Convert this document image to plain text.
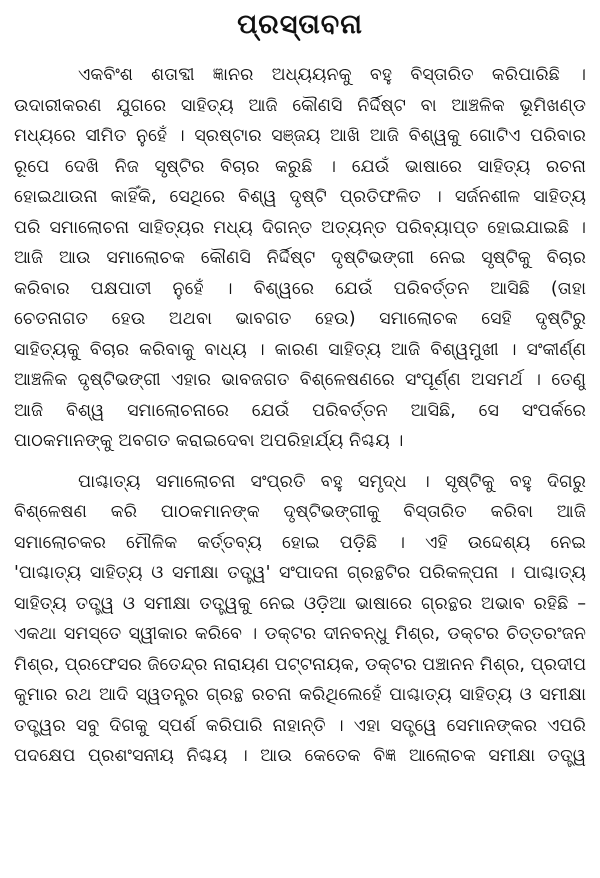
ପ୍ରସ୍ତାବନା
ଏକବିଂଶ ଶତାବ୍ଦୀ ଜ୍ଞାନର ଅଧ୍ୟୟନକୁ ବହୁ ବିସ୍ତାରିତ କରିପାରିଛି ।
ଉଦାରୀକରଣ ଯୁଗରେ ସାହିତ୍ୟ ଆଜି କୌଣସି ନିର୍ଦ୍ଦିଷ୍ଟ ବା ଆଞ୍ଚଳିକ ଭୂମିଖଣ୍ଡ
ମଧ୍ୟରେ ସୀମିତ ନୁହେଁ । ସ୍ରଷ୍ଟାର ସଞ୍ଜୟ ଆଖି ଆଜି ବିଶ୍ୱକୁ ଗୋଟିଏ ପରିବାର
ରୂପେ ଦେଖି ନିଜ ସୃଷ୍ଟିର ବିଚାର କରୁଛି । ଯେଉଁ ଭାଷାରେ ସାହିତ୍ୟ ରଚନା
ହୋଇଥାଉନା କାହିଁକି, ସେଥିରେ ବିଶ୍ୱ ଦୃଷ୍ଟି ପ୍ରତିଫଳିତ । ସର୍ଜନଶୀଳ ସାହିତ୍ୟ
ପରି ସମାଲୋଚନା ସାହିତ୍ୟର ମଧ୍ୟ ଦିଗନ୍ତ ଅତ୍ୟନ୍ତ ପରିବ୍ୟାପ୍ତ ହୋଇଯାଇଛି ।
ଆଜି ଆଉ ସମାଲୋଚକ କୌଣସି ନିର୍ଦ୍ଦିଷ୍ଟ ଦୃଷ୍ଟିଭଙ୍ଗୀ ନେଇ ସୃଷ୍ଟିକୁ ବିଚାର
କରିବାର ପକ୍ଷପାତୀ ନୁହେଁ । ବିଶ୍ୱରେ ଯେଉଁ ପରିବର୍ତ୍ତନ ଆସିଛି (ତାହା
ଚେତନାଗତ ହେଉ ଅଥବା ଭାବଗତ ହେଉ) ସମାଲୋଚକ ସେହି ଦୃଷ୍ଟିରୁ
ସାହିତ୍ୟକୁ ବିଚାର କରିବାକୁ ବାଧ୍ୟ । କାରଣ ସାହିତ୍ୟ ଆଜି ବିଶ୍ୱମୁଖୀ । ସଂକୀର୍ଣ୍ଣ
ଆଞ୍ଚଳିକ ଦୃଷ୍ଟିଭଙ୍ଗୀ ଏହାର ଭାବଜଗତ ବିଶ୍ଳେଷଣରେ ସଂପୂର୍ଣ୍ଣ ଅସମର୍ଥ । ତେଣୁ
ଆଜି ବିଶ୍ୱ ସମାଲୋଚନାରେ ଯେଉଁ ପରିବର୍ତ୍ତନ ଆସିଛି, ସେ ସଂପର୍କରେ
ପାଠକମାନଙ୍କୁ ଅବଗତ କରାଇଦେବା ଅପରିହାର୍ଯ୍ୟ ନିଶ୍ଚୟ ।
ପାଶ୍ଚାତ୍ୟ ସମାଲୋଚନା ସଂପ୍ରତି ବହୁ ସମୃଦ୍ଧ । ସୃଷ୍ଟିକୁ ବହୁ ଦିଗରୁ
ବିଶ୍ଳେଷଣ କରି ପାଠକମାନଙ୍କ ଦୃଷ୍ଟିଭଙ୍ଗୀକୁ ବିସ୍ତାରିତ କରିବା ଆଜି
ସମାଲୋଚକର ମୌଳିକ କର୍ତ୍ତବ୍ୟ ହୋଇ ପଡ଼ିଛି । ଏହି ଉଦ୍ଦେଶ୍ୟ ନେଇ
'ପାଶ୍ଚାତ୍ୟ ସାହିତ୍ୟ ଓ ସମୀକ୍ଷା ତତ୍ତ୍ୱ' ସଂପାଦନା ଗ୍ରନ୍ଥଟିର ପରିକଳ୍ପନା । ପାଶ୍ଚାତ୍ୟ
ସାହିତ୍ୟ ତତ୍ତ୍ୱ ଓ ସମୀକ୍ଷା ତତ୍ତ୍ୱକୁ ନେଇ ଓଡ଼ିଆ ଭାଷାରେ ଗ୍ରନ୍ଥର ଅଭାବ ରହିଛି –
ଏକଥା ସମସ୍ତେ ସ୍ୱୀକାର କରିବେ । ଡକ୍ଟର ଦୀନବନ୍ଧୁ ମିଶ୍ର, ଡକ୍ଟର ଚିତ୍ତରଂଜନ
ମିଶ୍ର, ପ୍ରଫେସର ଜିତେନ୍ଦ୍ର ନାରାୟଣ ପଟ୍ଟନାୟକ, ଡକ୍ଟର ପଞ୍ଚାନନ ମିଶ୍ର, ପ୍ରଦୀପ
କୁମାର ରଥ ଆଦି ସ୍ୱତନ୍ତ୍ର ଗ୍ରନ୍ଥ ରଚନା କରିଥିଲେହେଁ ପାଶ୍ଚାତ୍ୟ ସାହିତ୍ୟ ଓ ସମୀକ୍ଷା
ତତ୍ତ୍ୱର ସବୁ ଦିଗକୁ ସ୍ପର୍ଶ କରିପାରି ନାହାନ୍ତି । ଏହା ସତ୍ତ୍ୱେ ସେମାନଙ୍କର ଏପରି
ପଦକ୍ଷେପ ପ୍ରଶଂସନୀୟ ନିଶ୍ଚୟ । ଆଉ କେତେକ ବିଜ୍ଞ ଆଲୋଚକ ସମୀକ୍ଷା ତତ୍ତ୍ୱ
